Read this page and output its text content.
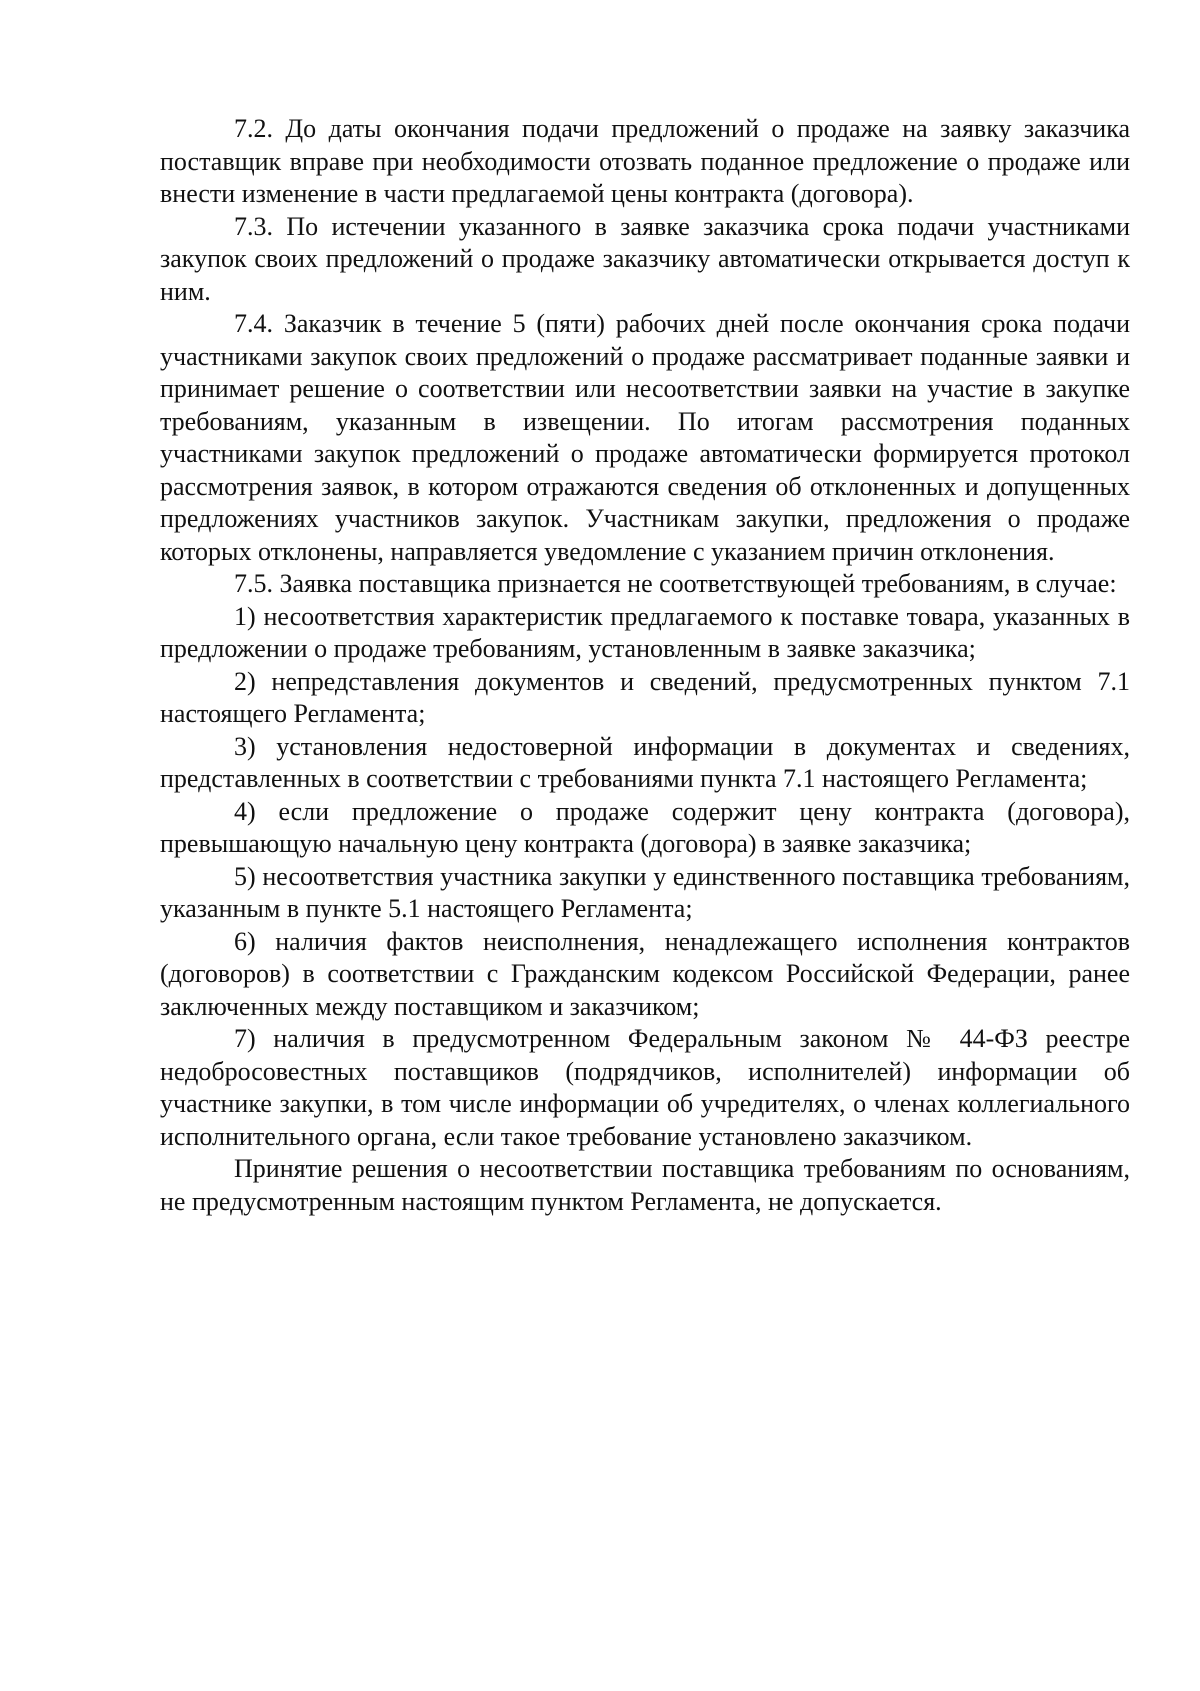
7.2. До даты окончания подачи предложений о продаже на заявку заказчика поставщик вправе при необходимости отозвать поданное предложение о продаже или внести изменение в части предлагаемой цены контракта (договора).

7.3. По истечении указанного в заявке заказчика срока подачи участниками закупок своих предложений о продаже заказчику автоматически открывается доступ к ним.

7.4. Заказчик в течение 5 (пяти) рабочих дней после окончания срока подачи участниками закупок своих предложений о продаже рассматривает поданные заявки и принимает решение о соответствии или несоответствии заявки на участие в закупке требованиям, указанным в извещении. По итогам рассмотрения поданных участниками закупок предложений о продаже автоматически формируется протокол рассмотрения заявок, в котором отражаются сведения об отклоненных и допущенных предложениях участников закупок. Участникам закупки, предложения о продаже которых отклонены, направляется уведомление с указанием причин отклонения.

7.5. Заявка поставщика признается не соответствующей требованиям, в случае:

1) несоответствия характеристик предлагаемого к поставке товара, указанных в предложении о продаже требованиям, установленным в заявке заказчика;

2) непредставления документов и сведений, предусмотренных пунктом 7.1 настоящего Регламента;

3) установления недостоверной информации в документах и сведениях, представленных в соответствии с требованиями пункта 7.1 настоящего Регламента;

4) если предложение о продаже содержит цену контракта (договора), превышающую начальную цену контракта (договора) в заявке заказчика;

5) несоответствия участника закупки у единственного поставщика требованиям, указанным в пункте 5.1 настоящего Регламента;

6) наличия фактов неисполнения, ненадлежащего исполнения контрактов (договоров) в соответствии с Гражданским кодексом Российской Федерации, ранее заключенных между поставщиком и заказчиком;

7) наличия в предусмотренном Федеральным законом № 44-ФЗ реестре недобросовестных поставщиков (подрядчиков, исполнителей) информации об участнике закупки, в том числе информации об учредителях, о членах коллегиального исполнительного органа, если такое требование установлено заказчиком.

Принятие решения о несоответствии поставщика требованиям по основаниям, не предусмотренным настоящим пунктом Регламента, не допускается.
